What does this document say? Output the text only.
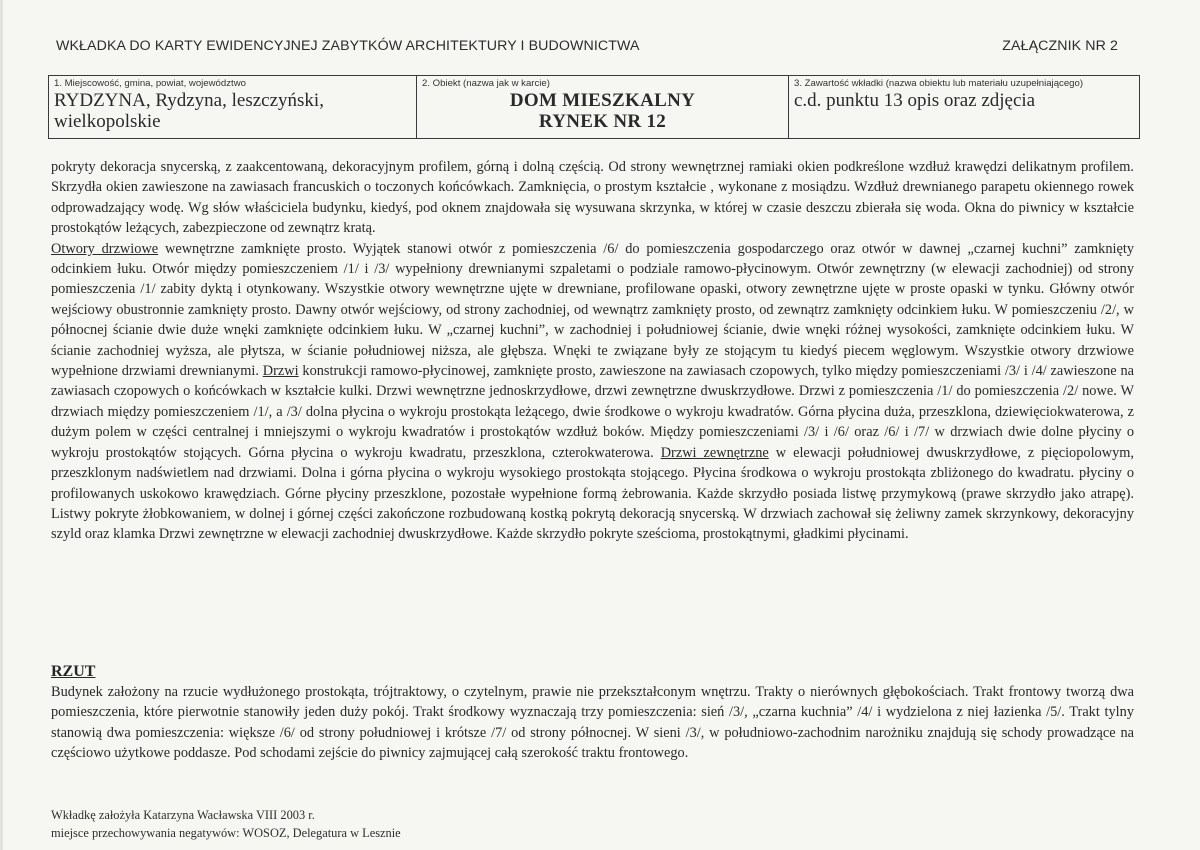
WKŁADKA DO KARTY EWIDENCYJNEJ ZABYTKÓW ARCHITEKTURY I BUDOWNICTWA	ZAŁĄCZNIK NR 2
1. Miejscowość, gmina, powiat, województwo
RYDZYNA, Rydzyna, leszczyński,
wielkopolskie
2. Obiekt (nazwa jak w karcie)
DOM MIESZKALNY
RYNEK NR 12
3. Zawartość wkładki (nazwa obiektu lub materiału uzupełniającego)
c.d. punktu 13 opis oraz zdjęcia

pokryty dekoracja snycerską, z zaakcentowaną, dekoracyjnym profilem, górną i dolną częścią. Od strony wewnętrznej ramiaki okien podkreślone wzdłuż krawędzi delikatnym profilem. Skrzydła okien zawieszone na zawiasach francuskich o toczonych końcówkach. Zamknięcia, o prostym kształcie , wykonane z mosiądzu. Wzdłuż drewnianego parapetu okiennego rowek odprowadzający wodę. Wg słów właściciela budynku, kiedyś, pod oknem znajdowała się wysuwana skrzynka, w której w czasie deszczu zbierała się woda. Okna do piwnicy w kształcie prostokątów leżących, zabezpieczone od zewnątrz kratą.

Otwory drzwiowe wewnętrzne zamknięte prosto. Wyjątek stanowi otwór z pomieszczenia /6/ do pomieszczenia gospodarczego oraz otwór w dawnej „czarnej kuchni” zamknięty odcinkiem łuku. Otwór między pomieszczeniem /1/ i /3/ wypełniony drewnianymi szpaletami o podziale ramowo-płycinowym. Otwór zewnętrzny (w elewacji zachodniej) od strony pomieszczenia /1/ zabity dyktą i otynkowany. Wszystkie otwory wewnętrzne ujęte w drewniane, profilowane opaski, otwory zewnętrzne ujęte w proste opaski w tynku. Główny otwór wejściowy obustronnie zamknięty prosto. Dawny otwór wejściowy, od strony zachodniej, od wewnątrz zamknięty prosto, od zewnątrz zamknięty odcinkiem łuku. W pomieszczeniu /2/, w północnej ścianie dwie duże wnęki zamknięte odcinkiem łuku. W „czarnej kuchni”, w zachodniej i południowej ścianie, dwie wnęki różnej wysokości, zamknięte odcinkiem łuku. W ścianie zachodniej wyższa, ale płytsza, w ścianie południowej niższa, ale głębsza. Wnęki te związane były ze stojącym tu kiedyś piecem węglowym. Wszystkie otwory drzwiowe wypełnione drzwiami drewnianymi. Drzwi konstrukcji ramowo-płycinowej, zamknięte prosto, zawieszone na zawiasach czopowych, tylko między pomieszczeniami /3/ i /4/ zawieszone na zawiasach czopowych o końcówkach w kształcie kulki. Drzwi wewnętrzne jednoskrzydłowe, drzwi zewnętrzne dwuskrzydłowe. Drzwi z pomieszczenia /1/ do pomieszczenia /2/ nowe. W drzwiach między pomieszczeniem /1/, a /3/ dolna płycina o wykroju prostokąta leżącego, dwie środkowe o wykroju kwadratów. Górna płycina duża, przeszklona, dziewięciokwaterowa, z dużym polem w części centralnej i mniejszymi o wykroju kwadratów i prostokątów wzdłuż boków. Między pomieszczeniami /3/ i /6/ oraz /6/ i /7/ w drzwiach dwie dolne płyciny o wykroju prostokątów stojących. Górna płycina o wykroju kwadratu, przeszklona, czterokwaterowa. Drzwi zewnętrzne w elewacji południowej dwuskrzydłowe, z pięciopolowym, przeszklonym nadświetlem nad drzwiami. Dolna i górna płycina o wykroju wysokiego prostokąta stojącego. Płycina środkowa o wykroju prostokąta zbliżonego do kwadratu. płyciny o profilowanych uskokowo krawędziach. Górne płyciny przeszklone, pozostałe wypełnione formą żebrowania. Każde skrzydło posiada listwę przymykową (prawe skrzydło jako atrapę). Listwy pokryte żłobkowaniem, w dolnej i górnej części zakończone rozbudowaną kostką pokrytą dekoracją snycerską. W drzwiach zachował się żeliwny zamek skrzynkowy, dekoracyjny szyld oraz klamka Drzwi zewnętrzne w elewacji zachodniej dwuskrzydłowe. Każde skrzydło pokryte sześcioma, prostokątnymi, gładkimi płycinami.

RZUT
Budynek założony na rzucie wydłużonego prostokąta, trójtraktowy, o czytelnym, prawie nie przekształconym wnętrzu. Trakty o nierównych głębokościach. Trakt frontowy tworzą dwa pomieszczenia, które pierwotnie stanowiły jeden duży pokój. Trakt środkowy wyznaczają trzy pomieszczenia: sień /3/, „czarna kuchnia” /4/ i wydzielona z niej łazienka /5/. Trakt tylny stanowią dwa pomieszczenia: większe /6/ od strony południowej i krótsze /7/ od strony północnej. W sieni /3/, w południowo-zachodnim narożniku znajdują się schody prowadzące na częściowo użytkowe poddasze. Pod schodami zejście do piwnicy zajmującej całą szerokość traktu frontowego.
Wkładkę założyła Katarzyna Wacławska VIII 2003 r.
miejsce przechowywania negatywów: WOSOZ, Delegatura w Lesznie
